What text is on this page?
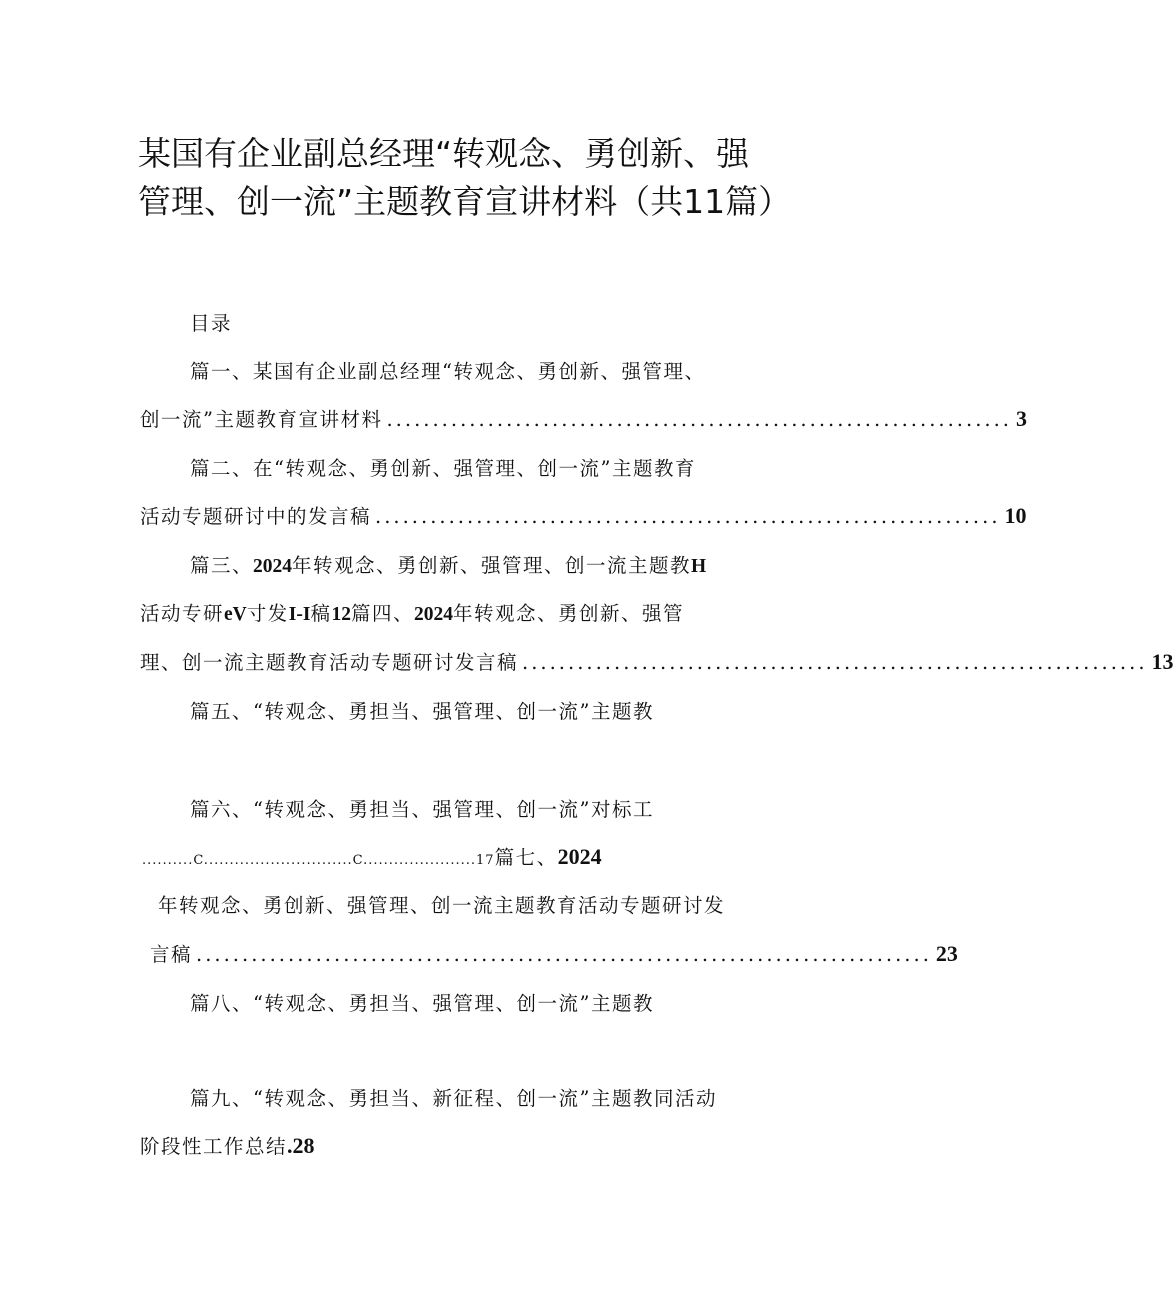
某国有企业副总经理“转观念、勇创新、强管理、创一流”主题教育宣讲材料（共11篇）
目录
篇一、某国有企业副总经理“转观念、勇创新、强管理、
创一流”主题教育宣讲材料 .................................................................... 3
篇二、在“转观念、勇创新、强管理、创一流”主题教育
活动专题研讨中的发言稿 .................................................................... 10
篇三、2024年转观念、勇创新、强管理、创一流主题教H
活动专研eV寸发I-I稿12篇四、2024年转观念、勇创新、强管
理、创一流主题教育活动专题研讨发言稿 .................................................................... 13
篇五、“转观念、勇担当、强管理、创一流”主题教
篇六、“转观念、勇担当、强管理、创一流”对标工
..........C.............................C......................17篇七、2024
年转观念、勇创新、强管理、创一流主题教育活动专题研讨发
言稿 ................................................................................ 23
篇八、“转观念、勇担当、强管理、创一流”主题教
篇九、“转观念、勇担当、新征程、创一流”主题教同活动
阶段性工作总结.28
